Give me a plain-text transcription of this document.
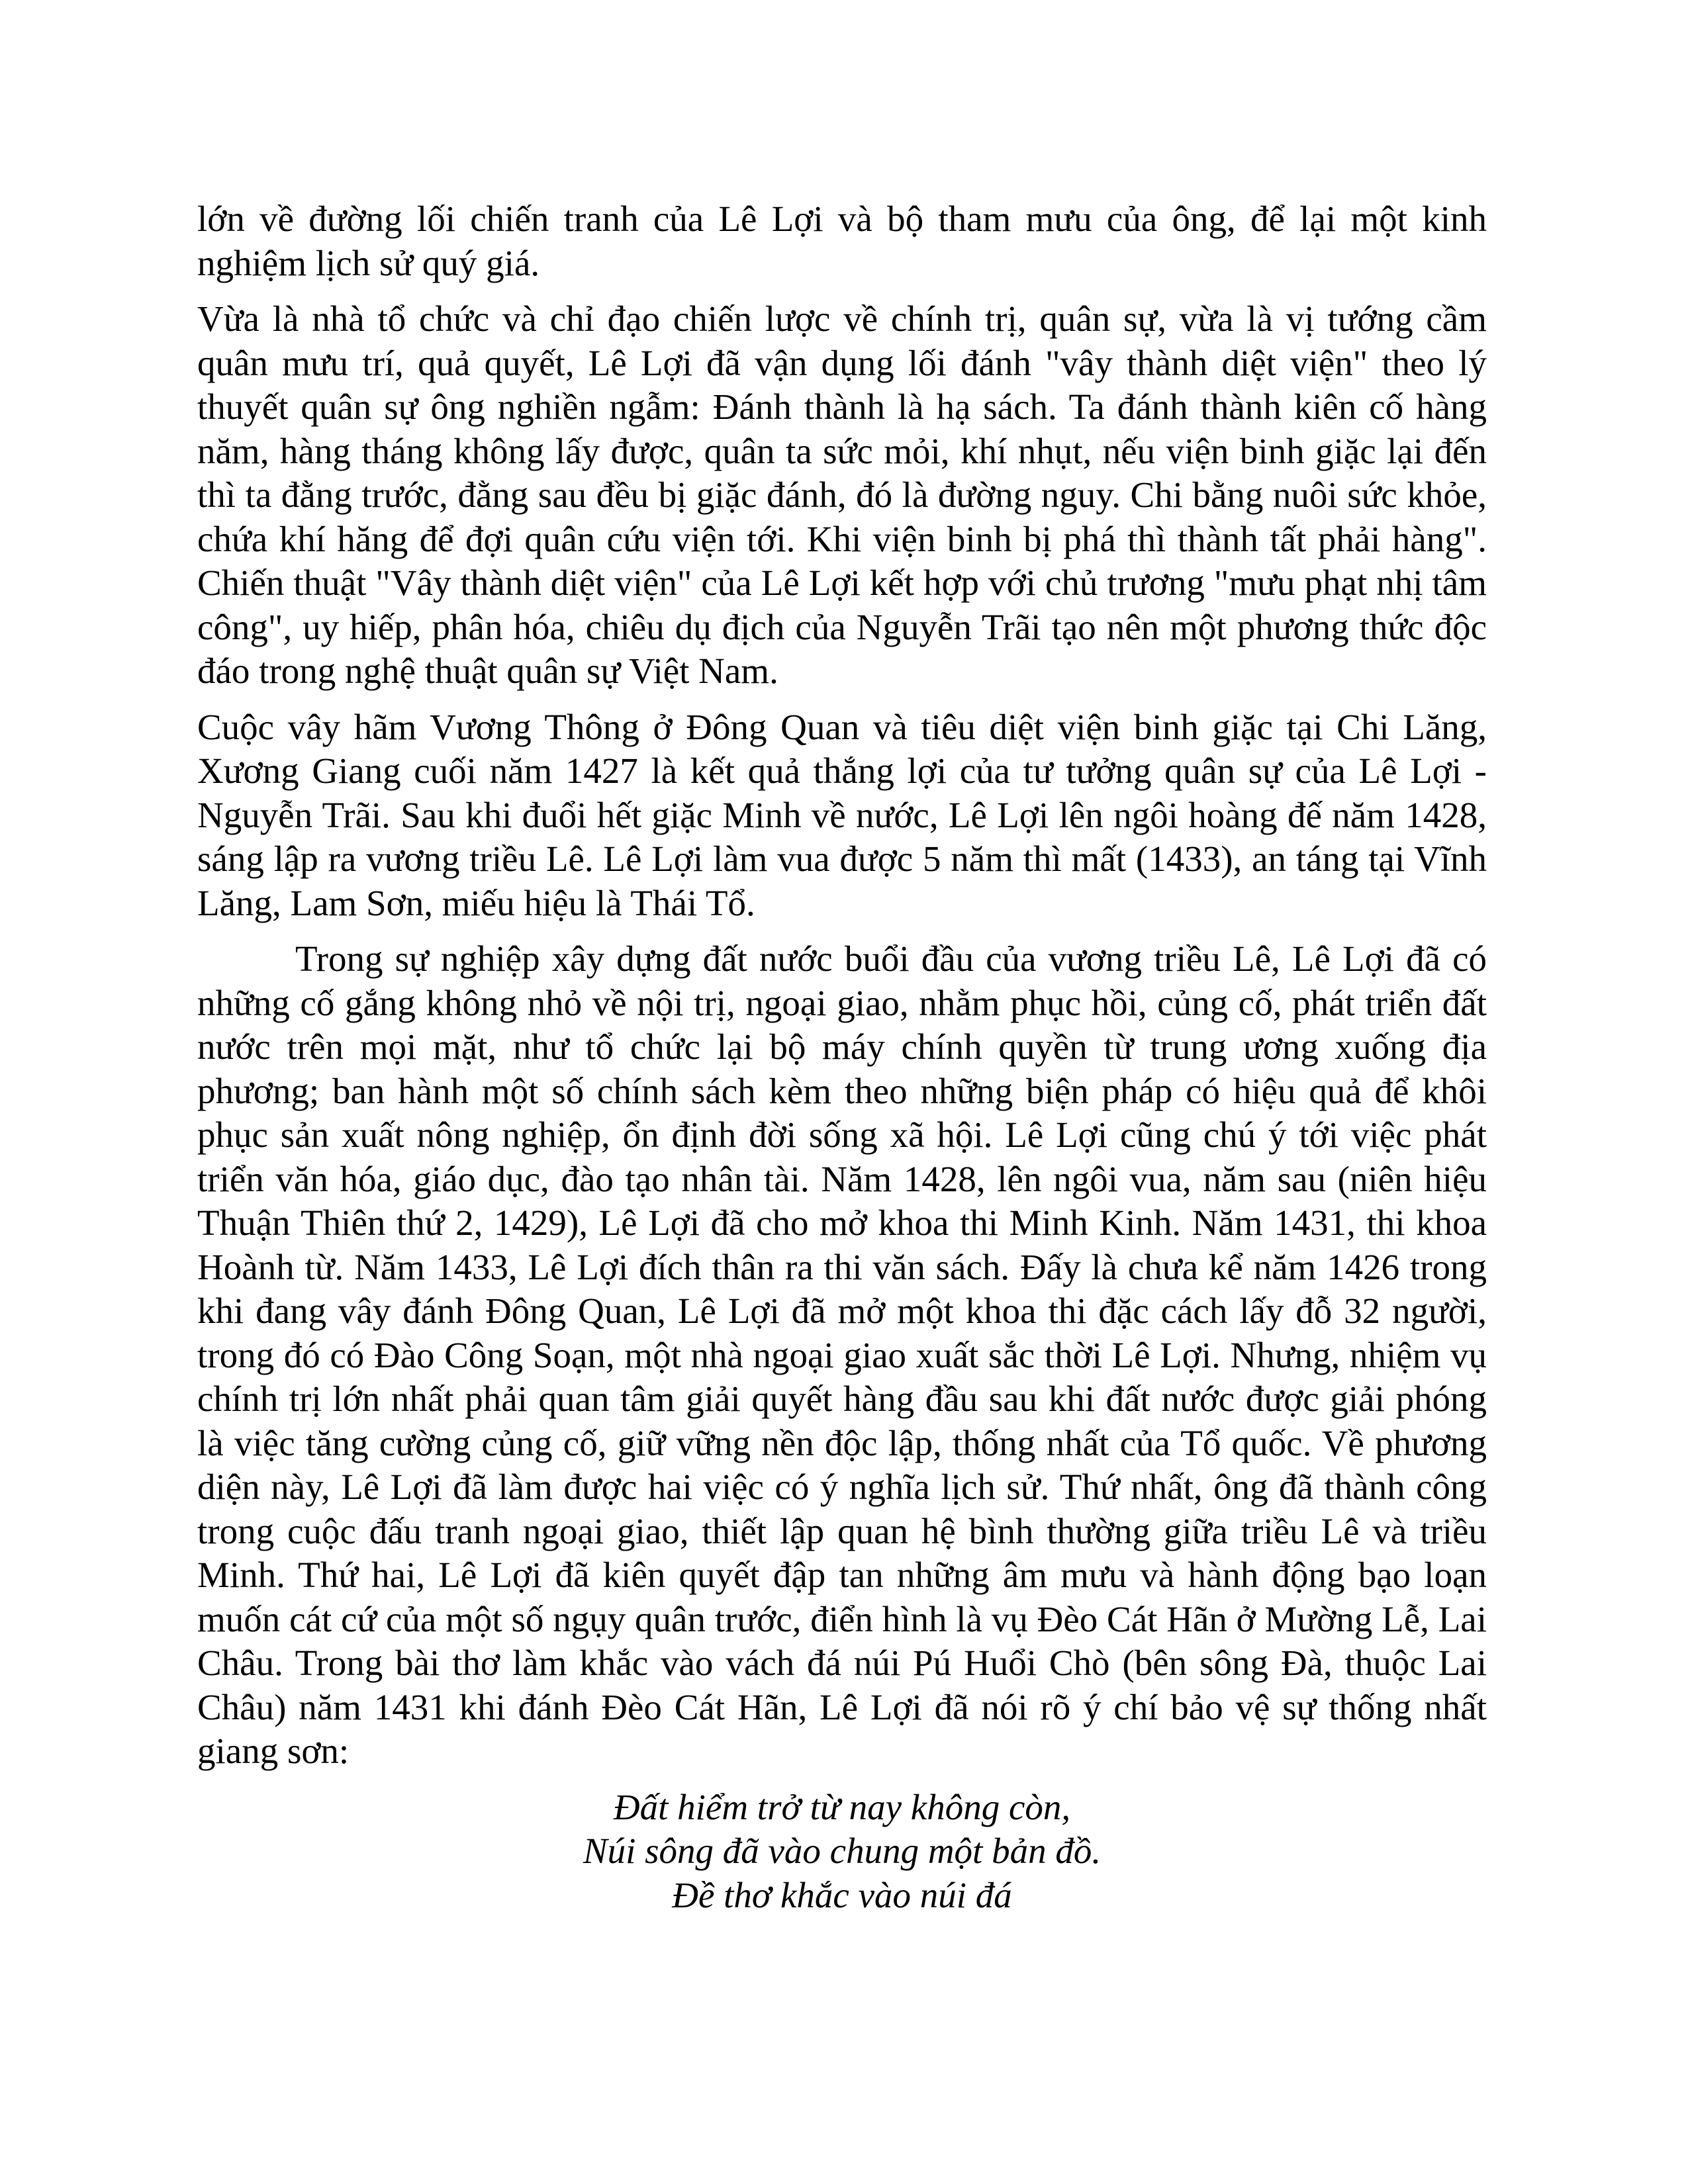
lớn về đường lối chiến tranh của Lê Lợi và bộ tham mưu của ông, để lại một kinh nghiệm lịch sử quý giá.

Vừa là nhà tổ chức và chỉ đạo chiến lược về chính trị, quân sự, vừa là vị tướng cầm quân mưu trí, quả quyết, Lê Lợi đã vận dụng lối đánh "vây thành diệt viện" theo lý thuyết quân sự ông nghiền ngẫm: Đánh thành là hạ sách. Ta đánh thành kiên cố hàng năm, hàng tháng không lấy được, quân ta sức mỏi, khí nhụt, nếu viện binh giặc lại đến thì ta đằng trước, đằng sau đều bị giặc đánh, đó là đường nguy. Chi bằng nuôi sức khỏe, chứa khí hăng để đợi quân cứu viện tới. Khi viện binh bị phá thì thành tất phải hàng". Chiến thuật "Vây thành diệt viện" của Lê Lợi kết hợp với chủ trương "mưu phạt nhị tâm công", uy hiếp, phân hóa, chiêu dụ địch của Nguyễn Trãi tạo nên một phương thức độc đáo trong nghệ thuật quân sự Việt Nam.

Cuộc vây hãm Vương Thông ở Đông Quan và tiêu diệt viện binh giặc tại Chi Lăng, Xương Giang cuối năm 1427 là kết quả thắng lợi của tư tưởng quân sự của Lê Lợi - Nguyễn Trãi. Sau khi đuổi hết giặc Minh về nước, Lê Lợi lên ngôi hoàng đế năm 1428, sáng lập ra vương triều Lê. Lê Lợi làm vua được 5 năm thì mất (1433), an táng tại Vĩnh Lăng, Lam Sơn, miếu hiệu là Thái Tổ.

Trong sự nghiệp xây dựng đất nước buổi đầu của vương triều Lê, Lê Lợi đã có những cố gắng không nhỏ về nội trị, ngoại giao, nhằm phục hồi, củng cố, phát triển đất nước trên mọi mặt, như tổ chức lại bộ máy chính quyền từ trung ương xuống địa phương; ban hành một số chính sách kèm theo những biện pháp có hiệu quả để khôi phục sản xuất nông nghiệp, ổn định đời sống xã hội. Lê Lợi cũng chú ý tới việc phát triển văn hóa, giáo dục, đào tạo nhân tài. Năm 1428, lên ngôi vua, năm sau (niên hiệu Thuận Thiên thứ 2, 1429), Lê Lợi đã cho mở khoa thi Minh Kinh. Năm 1431, thi khoa Hoành từ. Năm 1433, Lê Lợi đích thân ra thi văn sách. Đấy là chưa kể năm 1426 trong khi đang vây đánh Đông Quan, Lê Lợi đã mở một khoa thi đặc cách lấy đỗ 32 người, trong đó có Đào Công Soạn, một nhà ngoại giao xuất sắc thời Lê Lợi. Nhưng, nhiệm vụ chính trị lớn nhất phải quan tâm giải quyết hàng đầu sau khi đất nước được giải phóng là việc tăng cường củng cố, giữ vững nền độc lập, thống nhất của Tổ quốc. Về phương diện này, Lê Lợi đã làm được hai việc có ý nghĩa lịch sử. Thứ nhất, ông đã thành công trong cuộc đấu tranh ngoại giao, thiết lập quan hệ bình thường giữa triều Lê và triều Minh. Thứ hai, Lê Lợi đã kiên quyết đập tan những âm mưu và hành động bạo loạn muốn cát cứ của một số ngụy quân trước, điển hình là vụ Đèo Cát Hãn ở Mường Lễ, Lai Châu. Trong bài thơ làm khắc vào vách đá núi Pú Huổi Chò (bên sông Đà, thuộc Lai Châu) năm 1431 khi đánh Đèo Cát Hãn, Lê Lợi đã nói rõ ý chí bảo vệ sự thống nhất giang sơn:

Đất hiểm trở từ nay không còn,
Núi sông đã vào chung một bản đồ.
Đề thơ khắc vào núi đá
